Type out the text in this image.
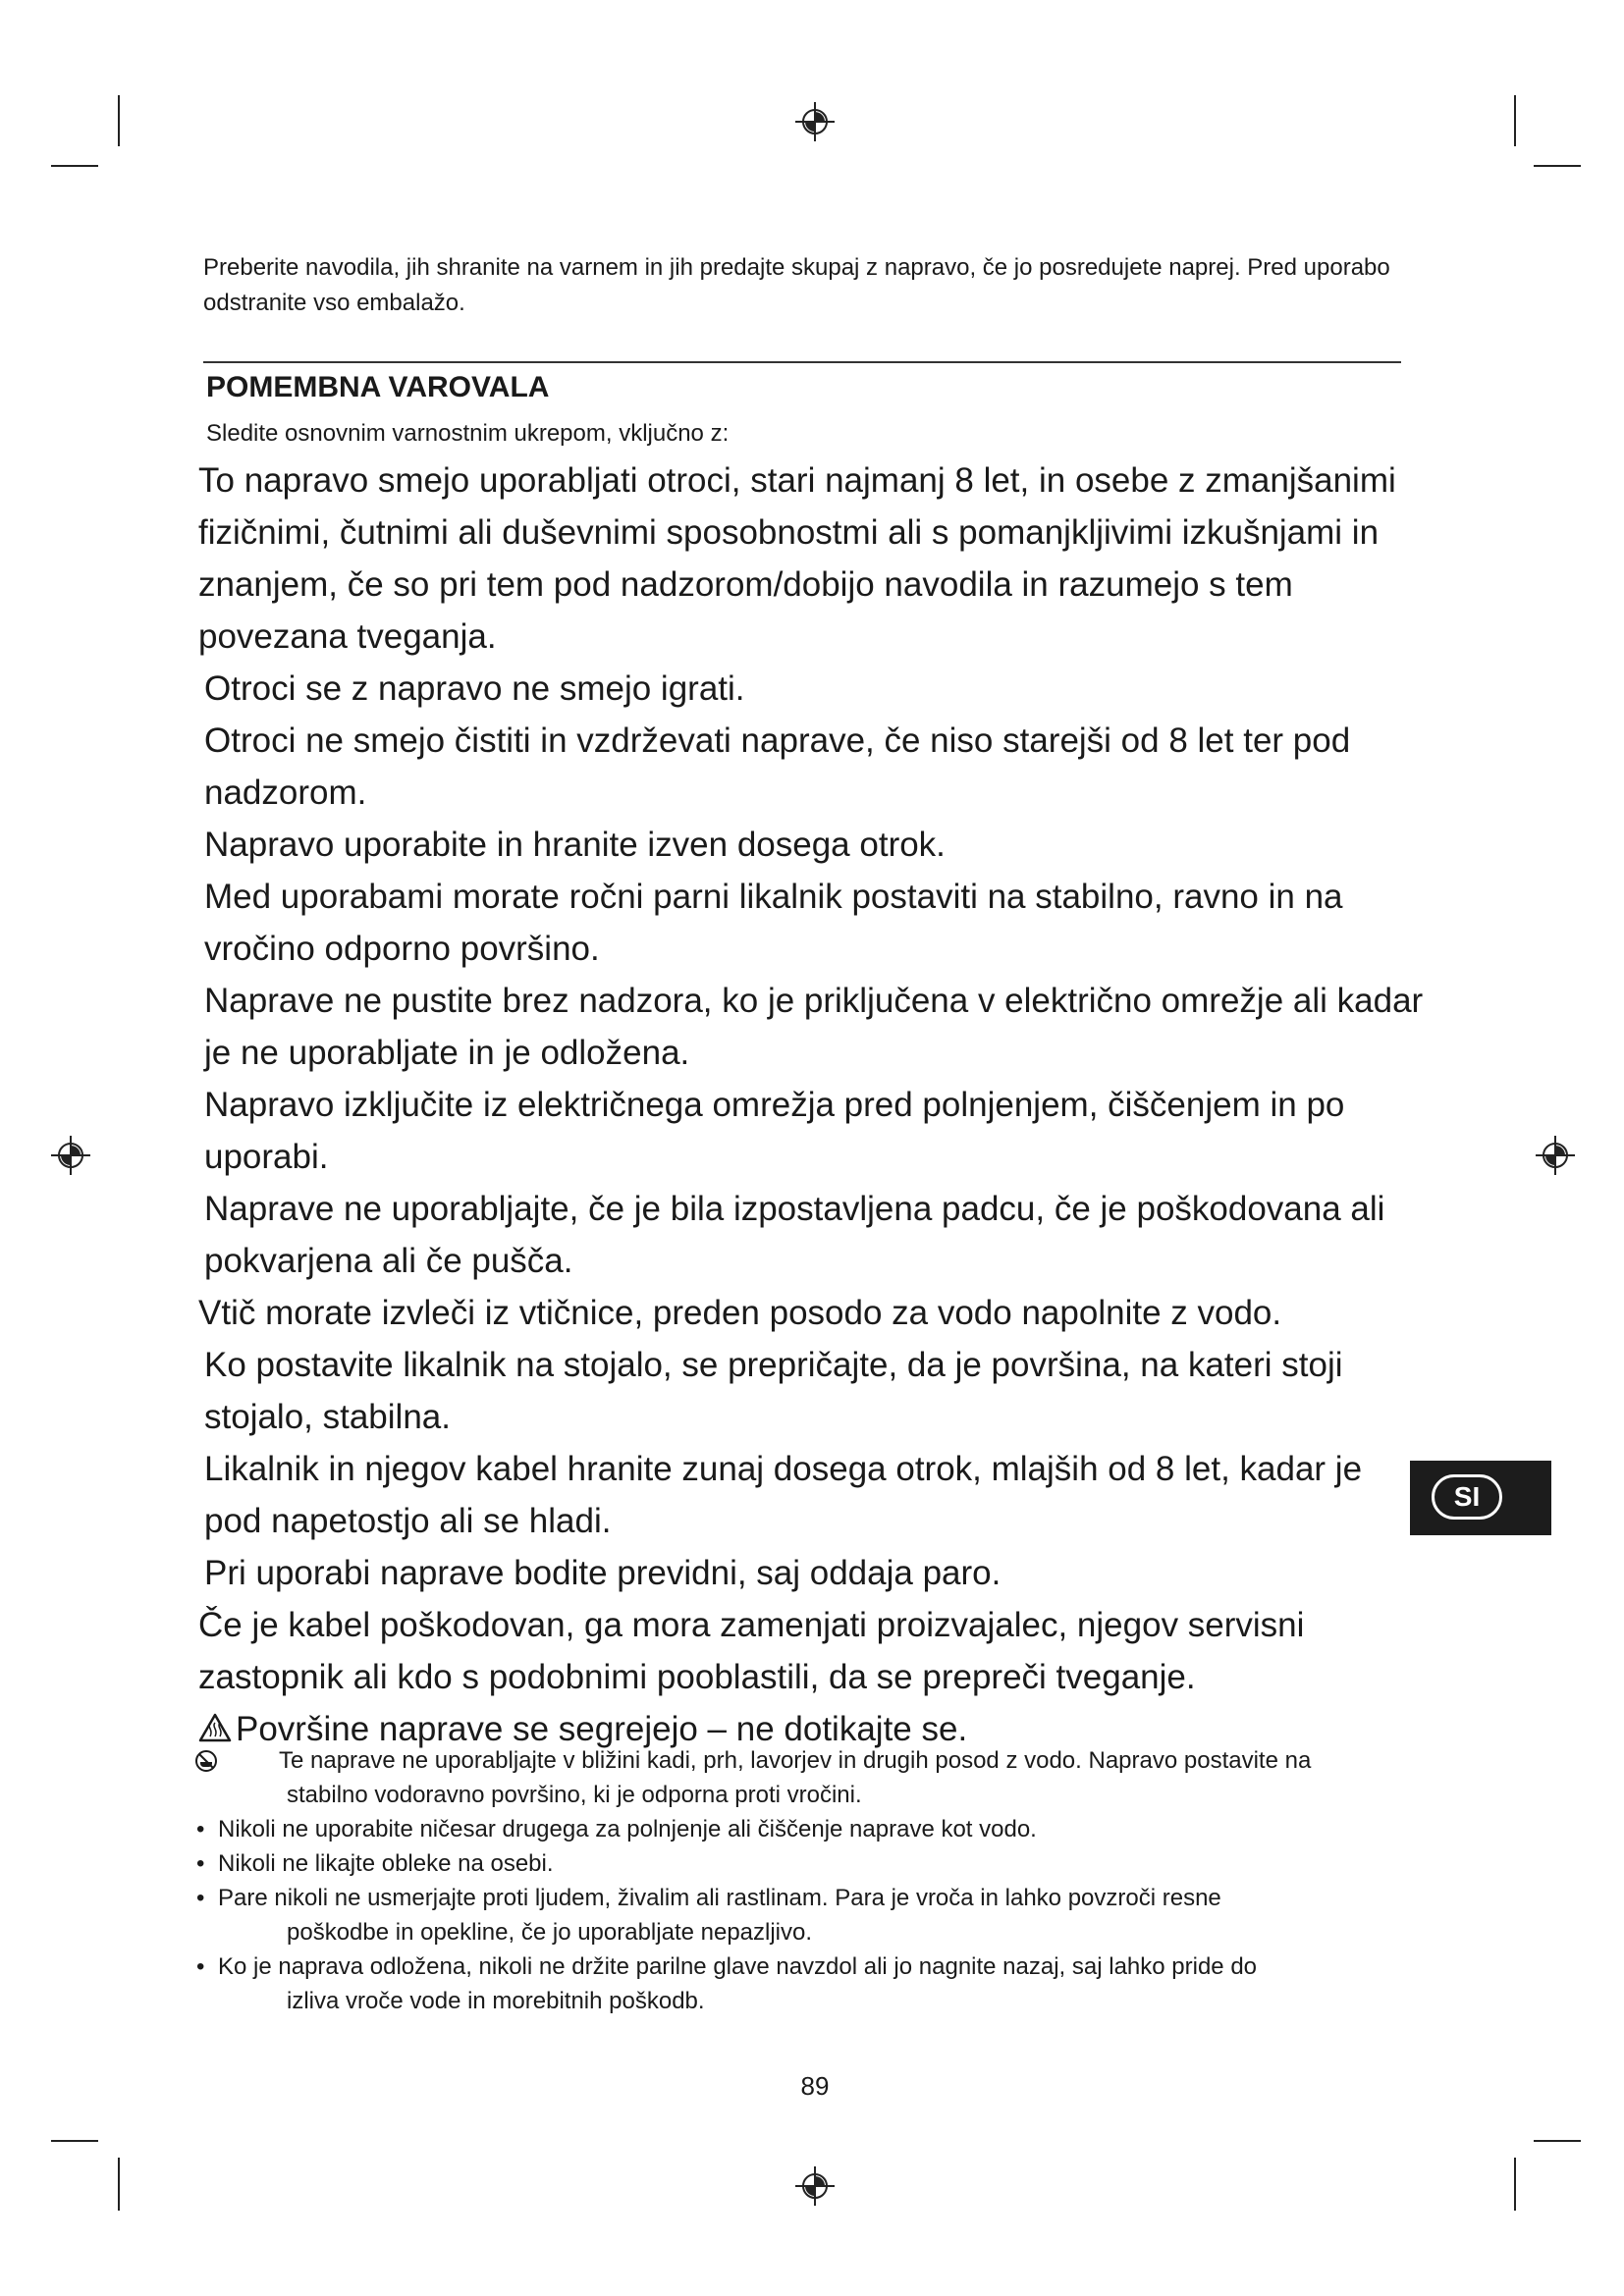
Preberite navodila, jih shranite na varnem in jih predajte skupaj z napravo, če jo posredujete naprej. Pred uporabo odstranite vso embalažo.
POMEMBNA VAROVALA
Sledite osnovnim varnostnim ukrepom, vključno z:

To napravo smejo uporabljati otroci, stari najmanj 8 let, in osebe z zmanjšanimi fizičnimi, čutnimi ali duševnimi sposobnostmi ali s pomanjkljivimi izkušnjami in znanjem, če so pri tem pod nadzorom/dobijo navodila in razumejo s tem povezana tveganja.

Otroci se z napravo ne smejo igrati.

Otroci ne smejo čistiti in vzdrževati naprave, če niso starejši od 8 let ter pod nadzorom.

Napravo uporabite in hranite izven dosega otrok.

Med uporabami morate ročni parni likalnik postaviti na stabilno, ravno in na vročino odporno površino.

Naprave ne pustite brez nadzora, ko je priključena v električno omrežje ali kadar je ne uporabljate in je odložena.

Napravo izključite iz električnega omrežja pred polnjenjem, čiščenjem in po uporabi.

Naprave ne uporabljajte, če je bila izpostavljena padcu, če je poškodovana ali pokvarjena ali če pušča.

Vtič morate izvleči iz vtičnice, preden posodo za vodo napolnite z vodo.

Ko postavite likalnik na stojalo, se prepričajte, da je površina, na kateri stoji stojalo, stabilna.

Likalnik in njegov kabel hranite zunaj dosega otrok, mlajših od 8 let, kadar je pod napetostjo ali se hladi.

Pri uporabi naprave bodite previdni, saj oddaja paro.

Če je kabel poškodovan, ga mora zamenjati proizvajalec, njegov servisni zastopnik ali kdo s podobnimi pooblastili, da se prepreči tveganje.

Površine naprave se segrejejo – ne dotikajte se.

Te naprave ne uporabljajte v bližini kadi, prh, lavorjev in drugih posod z vodo. Napravo postavite na
stabilno vodoravno površino, ki je odporna proti vročini.
• Nikoli ne uporabite ničesar drugega za polnjenje ali čiščenje naprave kot vodo.
• Nikoli ne likajte obleke na osebi.
• Pare nikoli ne usmerjajte proti ljudem, živalim ali rastlinam. Para je vroča in lahko povzroči resne
poškodbe in opekline, če jo uporabljate nepazljivo.
• Ko je naprava odložena, nikoli ne držite parilne glave navzdol ali jo nagnite nazaj, saj lahko pride do
izliva vroče vode in morebitnih poškodb.
89
SI
